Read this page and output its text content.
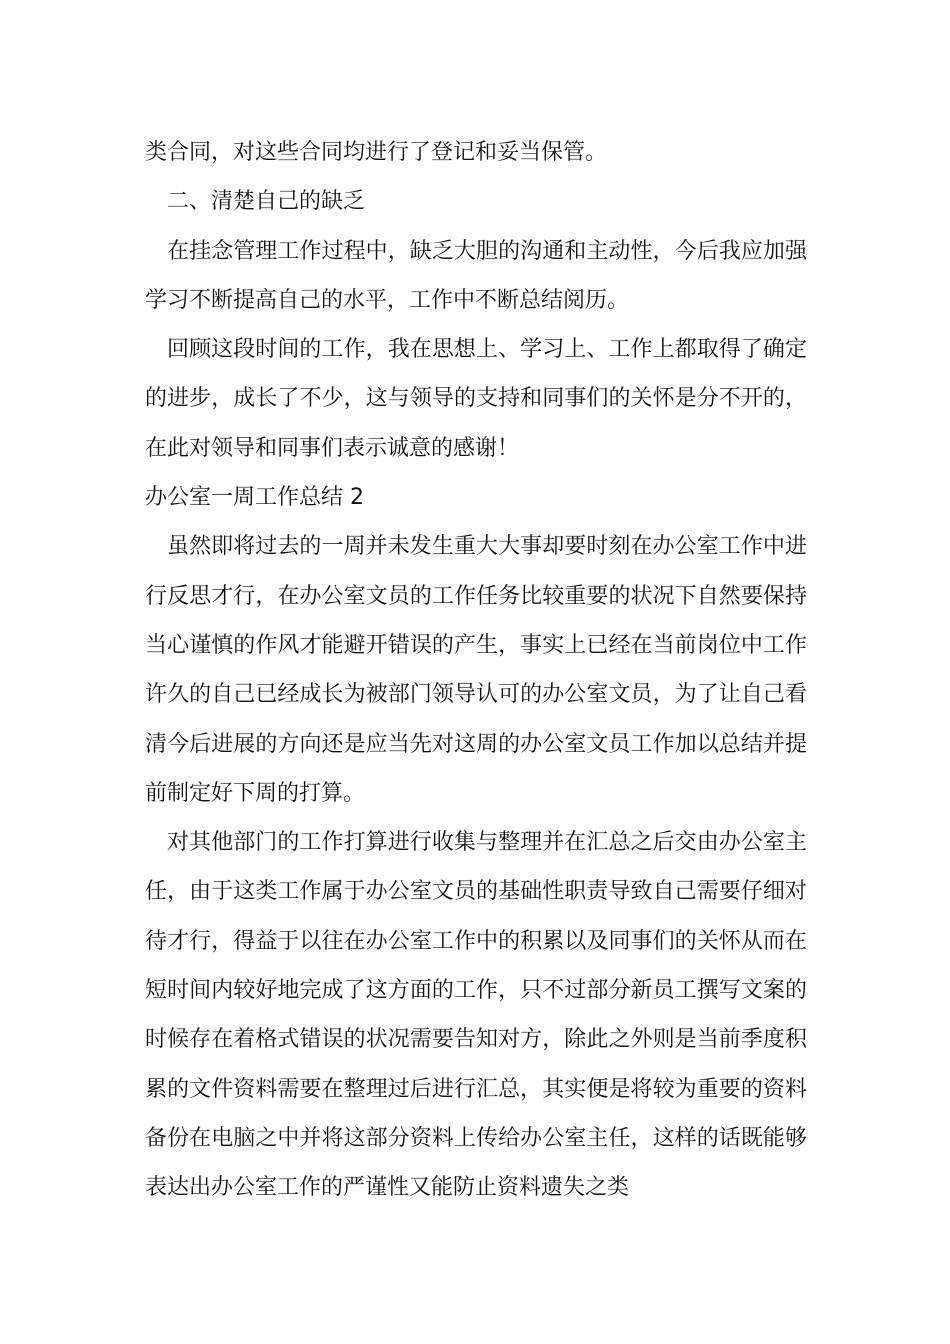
类合同，对这些合同均进行了登记和妥当保管。

二、清楚自己的缺乏

在挂念管理工作过程中，缺乏大胆的沟通和主动性，今后我应加强学习不断提高自己的水平，工作中不断总结阅历。

回顾这段时间的工作，我在思想上、学习上、工作上都取得了确定的进步，成长了不少，这与领导的支持和同事们的关怀是分不开的，在此对领导和同事们表示诚意的感谢！

办公室一周工作总结 2

虽然即将过去的一周并未发生重大大事却要时刻在办公室工作中进行反思才行，在办公室文员的工作任务比较重要的状况下自然要保持当心谨慎的作风才能避开错误的产生，事实上已经在当前岗位中工作许久的自己已经成长为被部门领导认可的办公室文员，为了让自己看清今后进展的方向还是应当先对这周的办公室文员工作加以总结并提前制定好下周的打算。

对其他部门的工作打算进行收集与整理并在汇总之后交由办公室主任，由于这类工作属于办公室文员的基础性职责导致自己需要仔细对待才行，得益于以往在办公室工作中的积累以及同事们的关怀从而在短时间内较好地完成了这方面的工作，只不过部分新员工撰写文案的时候存在着格式错误的状况需要告知对方，除此之外则是当前季度积累的文件资料需要在整理过后进行汇总，其实便是将较为重要的资料备份在电脑之中并将这部分资料上传给办公室主任，这样的话既能够表达出办公室工作的严谨性又能防止资料遗失之类
